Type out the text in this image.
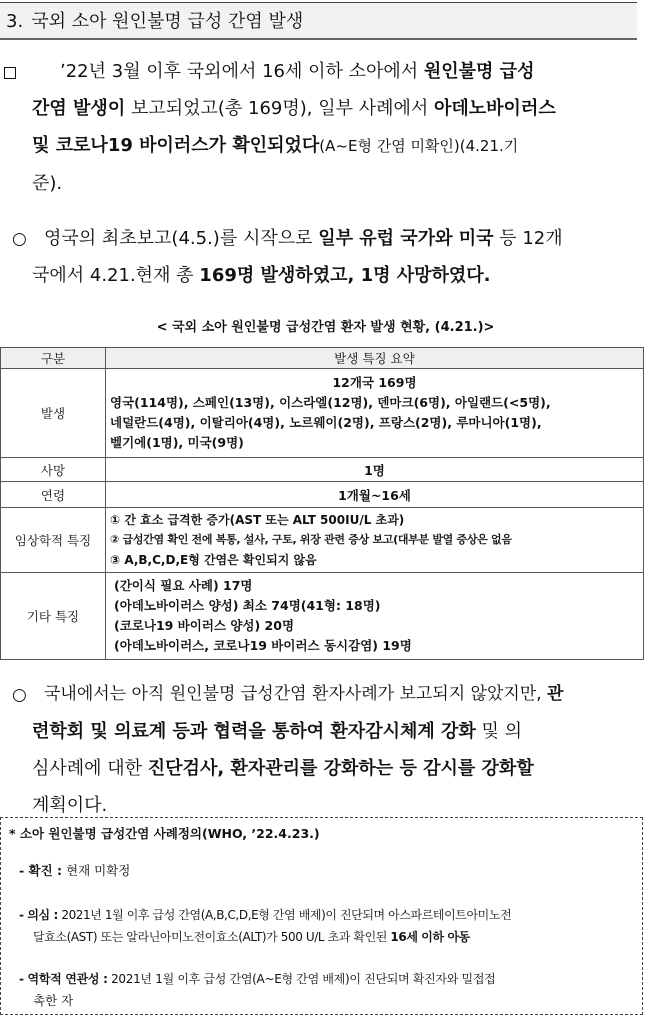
3. 국외 소아 원인불명 급성 간염 발생
ʼ22년 3월 이후 국외에서 16세 이하 소아에서 원인불명 급성
간염 발생이 보고되었고(총 169명), 일부 사례에서 아데노바이러스
및 코로나19 바이러스가 확인되었다(A~E형 간염 미확인)(4.21.기
준).
○ 영국의 최초보고(4.5.)를 시작으로 일부 유럽 국가와 미국 등 12개
국에서 4.21.현재 총 169명 발생하였고, 1명 사망하였다.
< 국외 소아 원인불명 급성간염 환자 발생 현황, (4.21.)>
구분	발생 특징 요약
발생	12개국 169명
영국(114명), 스페인(13명), 이스라엘(12명), 덴마크(6명), 아일랜드(<5명),
네덜란드(4명), 이탈리아(4명), 노르웨이(2명), 프랑스(2명), 루마니아(1명),
벨기에(1명), 미국(9명)

사망	1명
연령	1개월~16세
임상학적 특징	① 간 효소 급격한 증가(AST 또는 ALT 500IU/L 초과)
② 급성간염 확인 전에 복통, 설사, 구토, 위장 관련 증상 보고(대부분 발열 증상은 없음
③ A,B,C,D,E형 간염은 확인되지 않음

기타 특징	(간이식 필요 사례) 17명
(아데노바이러스 양성) 최소 74명(41형: 18명)
(코로나19 바이러스 양성) 20명
(아데노바이러스, 코로나19 바이러스 동시감염) 19명
○	국내에서는 아직 원인불명 급성간염 환자사례가 보고되지 않았지만, 관
련학회 및 의료계 등과 협력을 통하여 환자감시체계 강화 및 의
심사례에 대한 진단검사, 환자관리를 강화하는 등 감시를 강화할
계획이다.
* 소아 원인불명 급성간염 사례정의(WHO, ʼ22.4.23.)
- 확진 : 현재 미확정
- 의심 : 2021년 1월 이후 급성 간염(A,B,C,D,E형 간염 배제)이 진단되며 아스파르테이트아미노전
달효소(AST) 또는 알라닌아미노전이효소(ALT)가 500 U/L 초과 확인된 16세 이하 아동
- 역학적 연관성 : 2021년 1월 이후 급성 간염(A~E형 간염 배제)이 진단되며 확진자와 밀접접
촉한 자
